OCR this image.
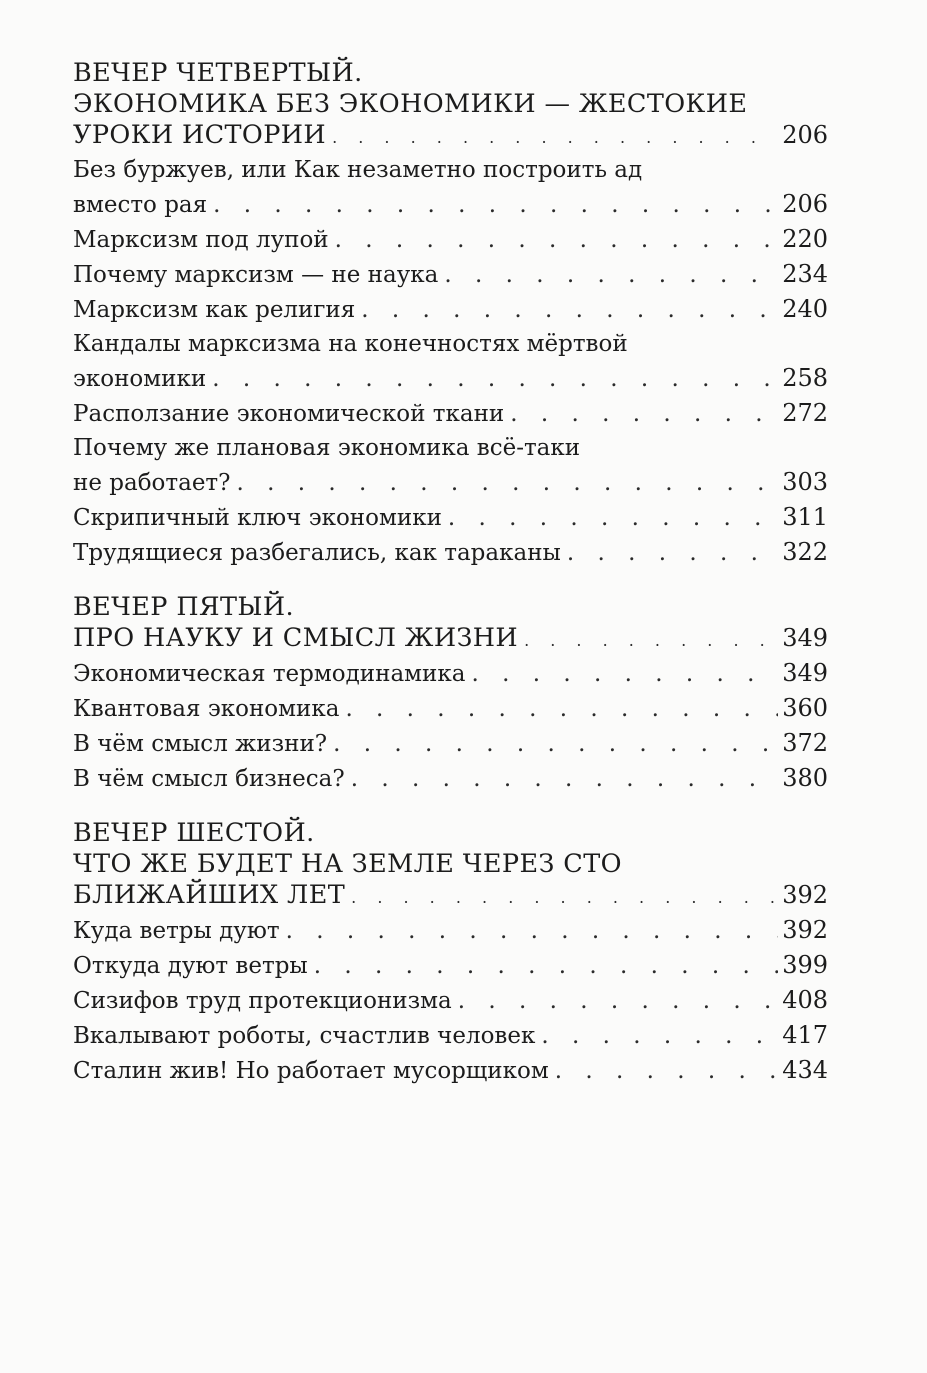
ВЕЧЕР ЧЕТВЕРТЫЙ.
ЭКОНОМИКА БЕЗ ЭКОНОМИКИ — ЖЕСТОКИЕ
УРОКИ ИСТОРИИ . . .	206
Без буржуев, или Как незаметно построить ад
вместо рая . . .	206
Марксизм под лупой . . .	220
Почему марксизм — не наука . . .	234
Марксизм как религия . . .	240
Кандалы марксизма на конечностях мёртвой
экономики . . .	258
Расползание экономической ткани . . .	272
Почему же плановая экономика всё-таки
не работает? . . .	303
Скрипичный ключ экономики . . .	311
Трудящиеся разбегались, как тараканы . . .	322
ВЕЧЕР ПЯТЫЙ.
ПРО НАУКУ И СМЫСЛ ЖИЗНИ . . .	349
Экономическая термодинамика . . .	349
Квантовая экономика . . .	360
В чём смысл жизни? . . .	372
В чём смысл бизнеса? . . .	380
ВЕЧЕР ШЕСТОЙ.
ЧТО ЖЕ БУДЕТ НА ЗЕМЛЕ ЧЕРЕЗ СТО
БЛИЖАЙШИХ ЛЕТ . . .	392
Куда ветры дуют . . .	392
Откуда дуют ветры . . .	399
Сизифов труд протекционизма . . .	408
Вкалывают роботы, счастлив человек . . .	417
Сталин жив! Но работает мусорщиком . . .	434
